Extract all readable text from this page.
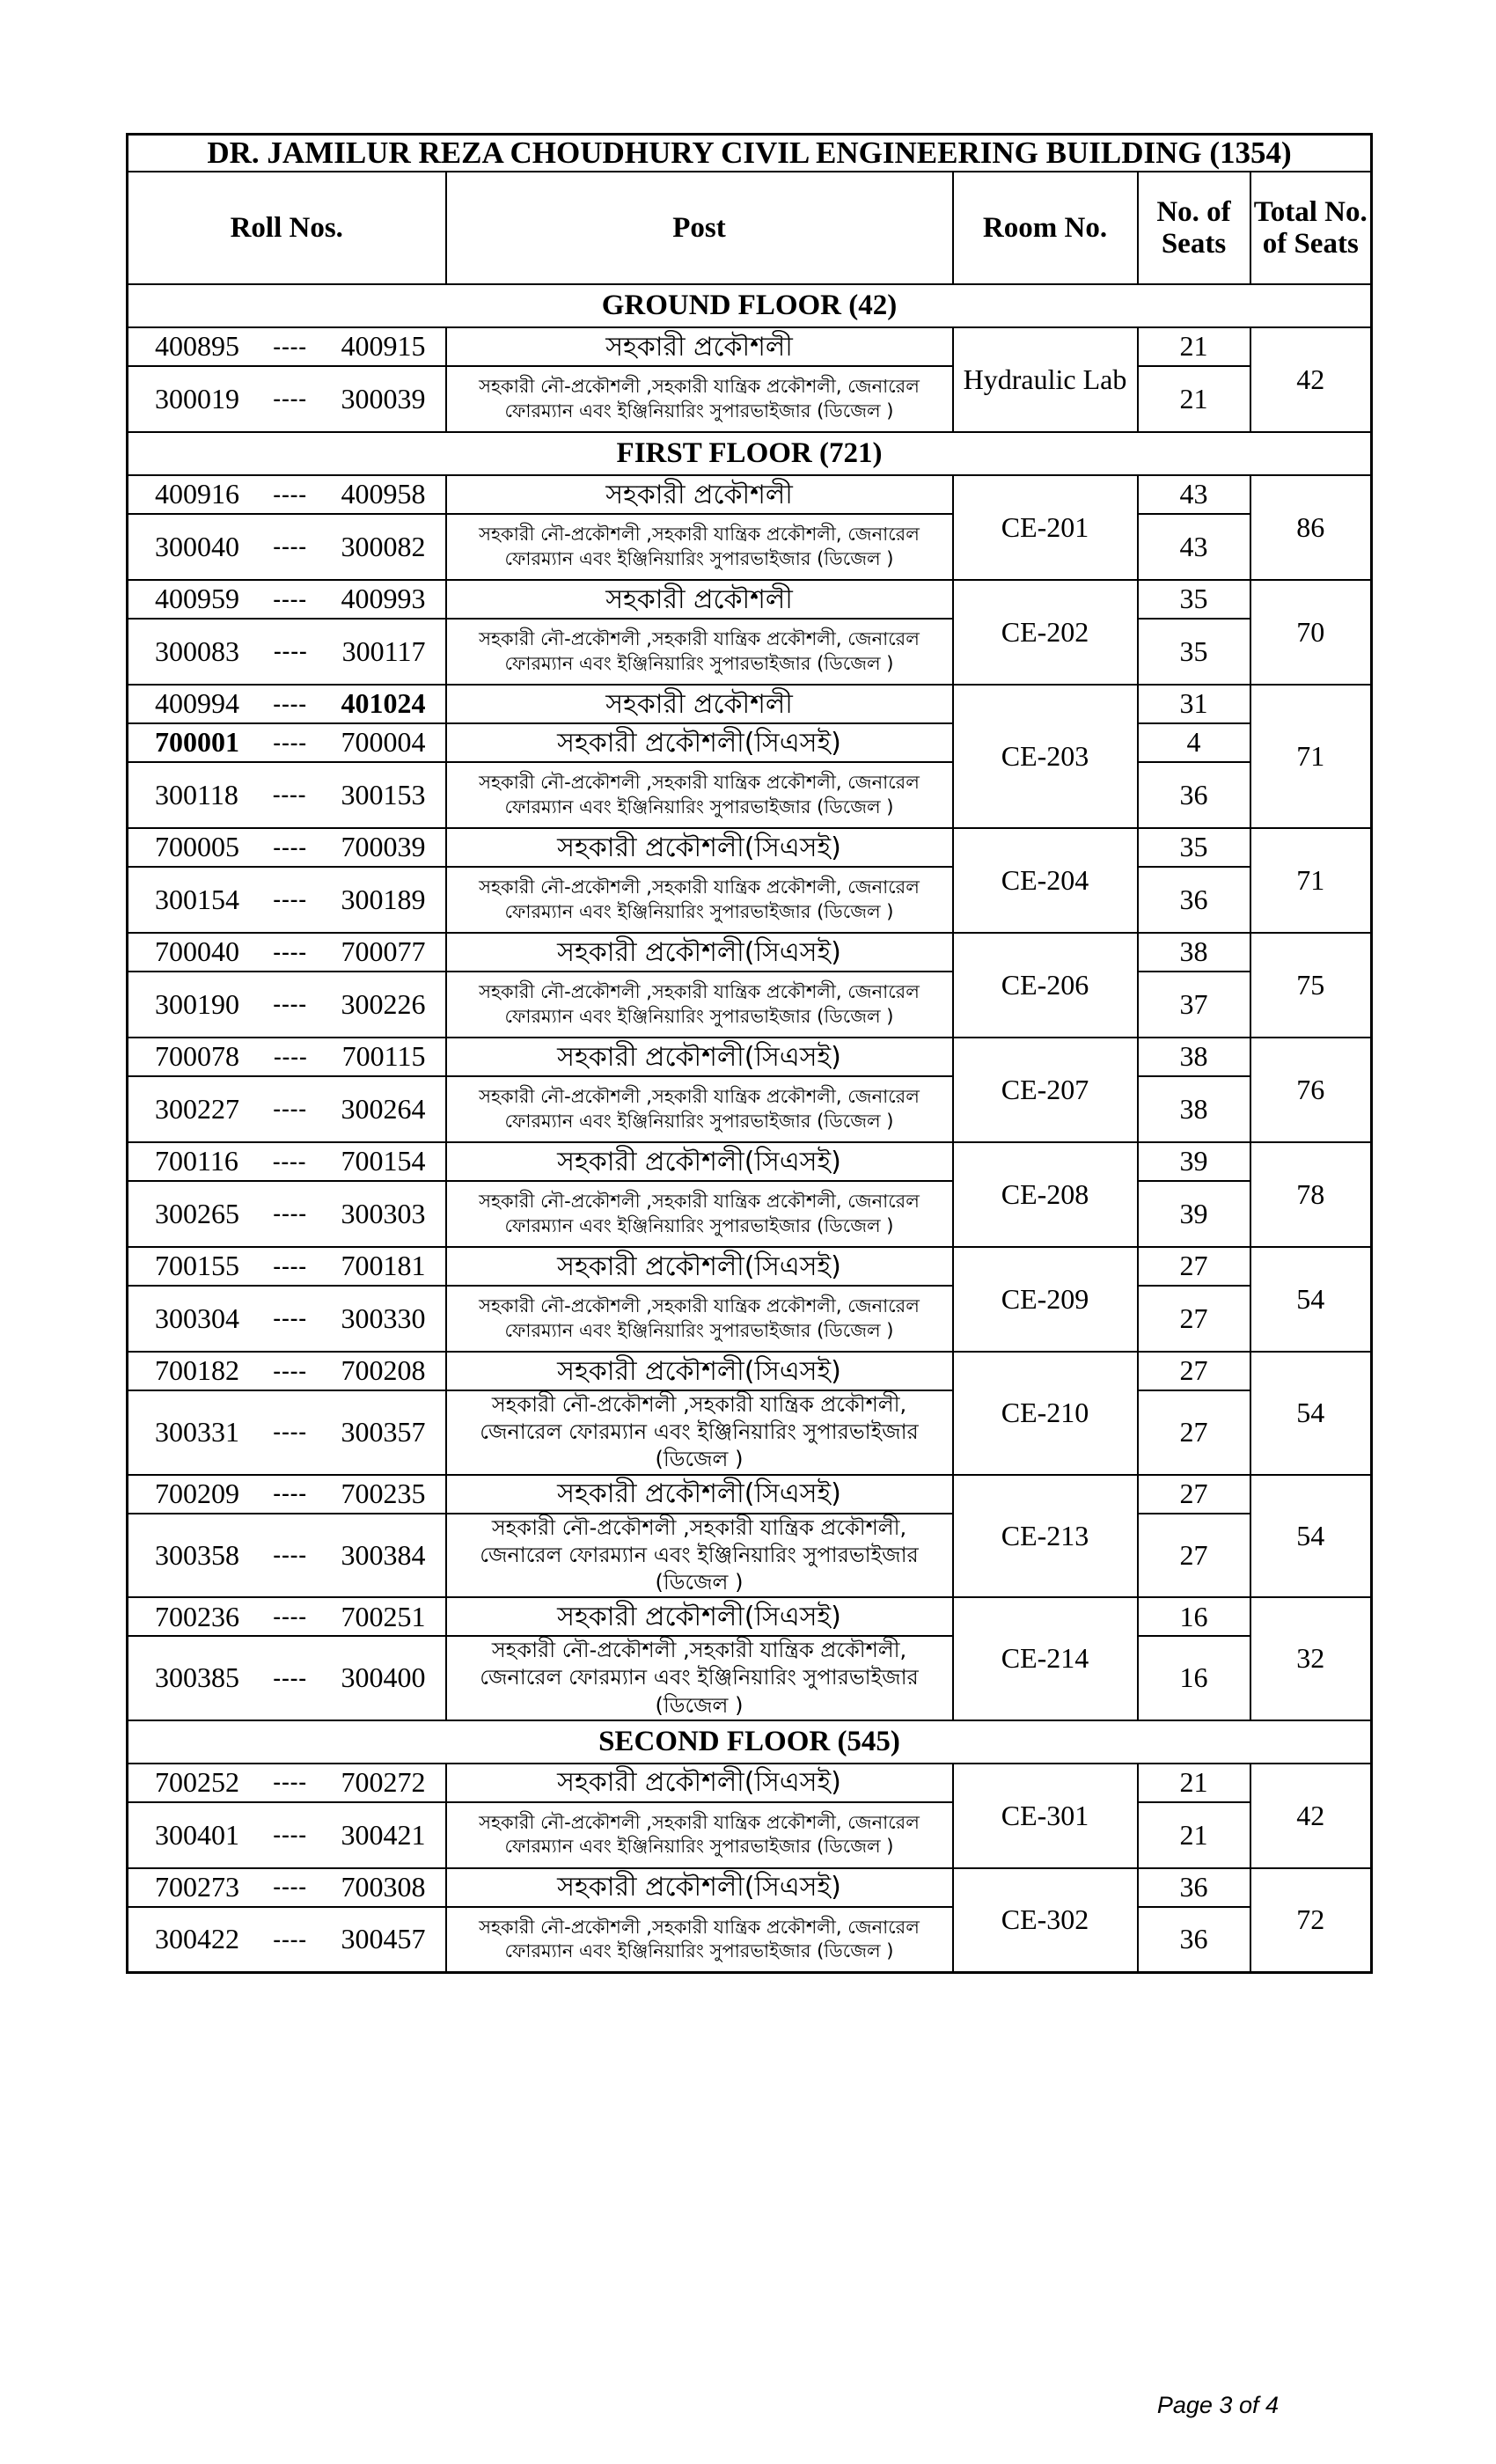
DR. JAMILUR REZA CHOUDHURY CIVIL ENGINEERING BUILDING (1354)				
Roll Nos.	Post	Room No.	No. of Seats	Total No. of Seats
GROUND FLOOR (42)				

400895 ---- 400915	সহকারী প্রকৌশলী	Hydraulic Lab	21	42

300019 ---- 300039	সহকারী নৌ-প্রকৌশলী ,সহকারী যান্ত্রিক প্রকৌশলী, জেনারেল ফোরম্যান এবং ইঞ্জিনিয়ারিং সুপারভাইজার (ডিজেল )		21	
FIRST FLOOR (721)				

400916 ---- 400958	সহকারী প্রকৌশলী	CE-201	43	86

300040 ---- 300082	সহকারী নৌ-প্রকৌশলী ,সহকারী যান্ত্রিক প্রকৌশলী, জেনারেল ফোরম্যান এবং ইঞ্জিনিয়ারিং সুপারভাইজার (ডিজেল )		43	

400959 ---- 400993	সহকারী প্রকৌশলী	CE-202	35	70

300083 ---- 300117	সহকারী নৌ-প্রকৌশলী ,সহকারী যান্ত্রিক প্রকৌশলী, জেনারেল ফোরম্যান এবং ইঞ্জিনিয়ারিং সুপারভাইজার (ডিজেল )		35	

400994 ---- 401024	সহকারী প্রকৌশলী	CE-203	31	71

700001 ---- 700004	সহকারী প্রকৌশলী(সিএসই)		4	

300118 ---- 300153	সহকারী নৌ-প্রকৌশলী ,সহকারী যান্ত্রিক প্রকৌশলী, জেনারেল ফোরম্যান এবং ইঞ্জিনিয়ারিং সুপারভাইজার (ডিজেল )		36	

700005 ---- 700039	সহকারী প্রকৌশলী(সিএসই)	CE-204	35	71

300154 ---- 300189	সহকারী নৌ-প্রকৌশলী ,সহকারী যান্ত্রিক প্রকৌশলী, জেনারেল ফোরম্যান এবং ইঞ্জিনিয়ারিং সুপারভাইজার (ডিজেল )		36	

700040 ---- 700077	সহকারী প্রকৌশলী(সিএসই)	CE-206	38	75

300190 ---- 300226	সহকারী নৌ-প্রকৌশলী ,সহকারী যান্ত্রিক প্রকৌশলী, জেনারেল ফোরম্যান এবং ইঞ্জিনিয়ারিং সুপারভাইজার (ডিজেল )		37	

700078 ---- 700115	সহকারী প্রকৌশলী(সিএসই)	CE-207	38	76

300227 ---- 300264	সহকারী নৌ-প্রকৌশলী ,সহকারী যান্ত্রিক প্রকৌশলী, জেনারেল ফোরম্যান এবং ইঞ্জিনিয়ারিং সুপারভাইজার (ডিজেল )		38	

700116 ---- 700154	সহকারী প্রকৌশলী(সিএসই)	CE-208	39	78

300265 ---- 300303	সহকারী নৌ-প্রকৌশলী ,সহকারী যান্ত্রিক প্রকৌশলী, জেনারেল ফোরম্যান এবং ইঞ্জিনিয়ারিং সুপারভাইজার (ডিজেল )		39	

700155 ---- 700181	সহকারী প্রকৌশলী(সিএসই)	CE-209	27	54

300304 ---- 300330	সহকারী নৌ-প্রকৌশলী ,সহকারী যান্ত্রিক প্রকৌশলী, জেনারেল ফোরম্যান এবং ইঞ্জিনিয়ারিং সুপারভাইজার (ডিজেল )		27	

700182 ---- 700208	সহকারী প্রকৌশলী(সিএসই)	CE-210	27	54

300331 ---- 300357	সহকারী নৌ-প্রকৌশলী ,সহকারী যান্ত্রিক প্রকৌশলী, জেনারেল ফোরম্যান এবং ইঞ্জিনিয়ারিং সুপারভাইজার (ডিজেল )		27	

700209 ---- 700235	সহকারী প্রকৌশলী(সিএসই)	CE-213	27	54

300358 ---- 300384	সহকারী নৌ-প্রকৌশলী ,সহকারী যান্ত্রিক প্রকৌশলী, জেনারেল ফোরম্যান এবং ইঞ্জিনিয়ারিং সুপারভাইজার (ডিজেল )		27	

700236 ---- 700251	সহকারী প্রকৌশলী(সিএসই)	CE-214	16	32

300385 ---- 300400	সহকারী নৌ-প্রকৌশলী ,সহকারী যান্ত্রিক প্রকৌশলী, জেনারেল ফোরম্যান এবং ইঞ্জিনিয়ারিং সুপারভাইজার (ডিজেল )		16	
SECOND FLOOR (545)				

700252 ---- 700272	সহকারী প্রকৌশলী(সিএসই)	CE-301	21	42

300401 ---- 300421	সহকারী নৌ-প্রকৌশলী ,সহকারী যান্ত্রিক প্রকৌশলী, জেনারেল ফোরম্যান এবং ইঞ্জিনিয়ারিং সুপারভাইজার (ডিজেল )		21	

700273 ---- 700308	সহকারী প্রকৌশলী(সিএসই)	CE-302	36	72

300422 ---- 300457	সহকারী নৌ-প্রকৌশলী ,সহকারী যান্ত্রিক প্রকৌশলী, জেনারেল ফোরম্যান এবং ইঞ্জিনিয়ারিং সুপারভাইজার (ডিজেল )		36	
Page 3 of 4
